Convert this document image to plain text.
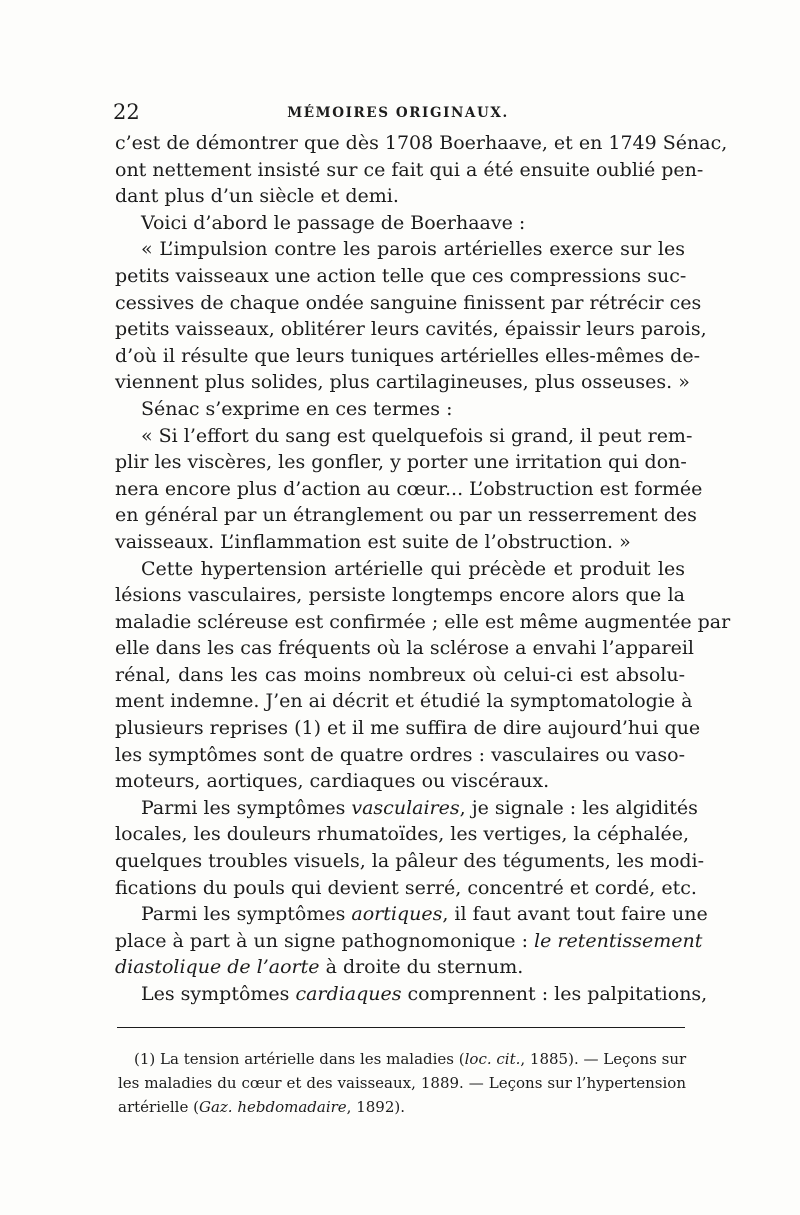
22	MÉMOIRES ORIGINAUX.
c’est de démontrer que dès 1708 Boerhaave, et en 1749 Sénac,
ont nettement insisté sur ce fait qui a été ensuite oublié pen-
dant plus d’un siècle et demi.
Voici d’abord le passage de Boerhaave :
« L’impulsion contre les parois artérielles exerce sur les
petits vaisseaux une action telle que ces compressions suc-
cessives de chaque ondée sanguine finissent par rétrécir ces
petits vaisseaux, oblitérer leurs cavités, épaissir leurs parois,
d’où il résulte que leurs tuniques artérielles elles-mêmes de-
viennent plus solides, plus cartilagineuses, plus osseuses. »
Sénac s’exprime en ces termes :
« Si l’effort du sang est quelquefois si grand, il peut rem-
plir les viscères, les gonfler, y porter une irritation qui don-
nera encore plus d’action au cœur... L’obstruction est formée
en général par un étranglement ou par un resserrement des
vaisseaux. L’inflammation est suite de l’obstruction. »
Cette hypertension artérielle qui précède et produit les
lésions vasculaires, persiste longtemps encore alors que la
maladie scléreuse est confirmée ; elle est même augmentée par
elle dans les cas fréquents où la sclérose a envahi l’appareil
rénal, dans les cas moins nombreux où celui-ci est absolu-
ment indemne. J’en ai décrit et étudié la symptomatologie à
plusieurs reprises (1) et il me suffira de dire aujourd’hui que
les symptômes sont de quatre ordres : vasculaires ou vaso-
moteurs, aortiques, cardiaques ou viscéraux.
Parmi les symptômes vasculaires, je signale : les algidités
locales, les douleurs rhumatoïdes, les vertiges, la céphalée,
quelques troubles visuels, la pâleur des téguments, les modi-
fications du pouls qui devient serré, concentré et cordé, etc.
Parmi les symptômes aortiques, il faut avant tout faire une
place à part à un signe pathognomonique : le retentissement
diastolique de l’aorte à droite du sternum.
Les symptômes cardiaques comprennent : les palpitations,
(1) La tension artérielle dans les maladies (loc. cit., 1885). — Leçons sur
les maladies du cœur et des vaisseaux, 1889. — Leçons sur l’hypertension
artérielle (Gaz. hebdomadaire, 1892).
